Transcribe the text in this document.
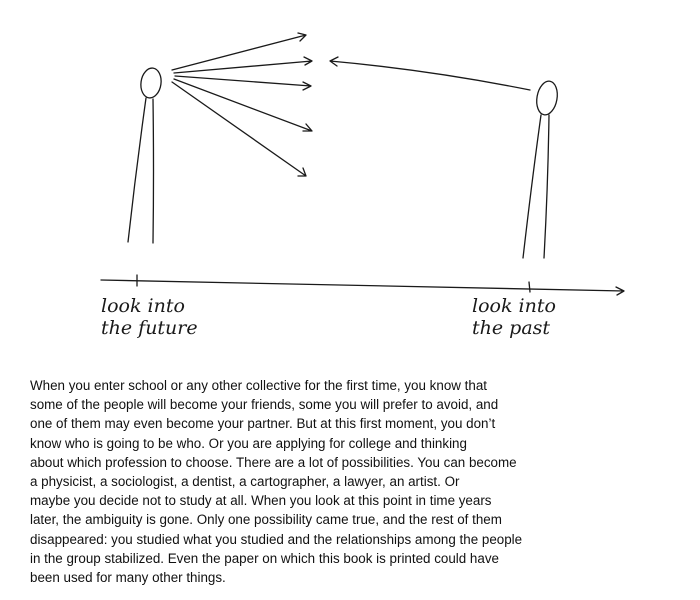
look into
the future
look into
the past

When you enter school or any other collective for the first time, you know that
some of the people will become your friends, some you will prefer to avoid, and
one of them may even become your partner. But at this first moment, you don’t
know who is going to be who. Or you are applying for college and thinking
about which profession to choose. There are a lot of possibilities. You can become
a physicist, a sociologist, a dentist, a cartographer, a lawyer, an artist. Or
maybe you decide not to study at all. When you look at this point in time years
later, the ambiguity is gone. Only one possibility came true, and the rest of them
disappeared: you studied what you studied and the relationships among the people
in the group stabilized. Even the paper on which this book is printed could have
been used for many other things.
